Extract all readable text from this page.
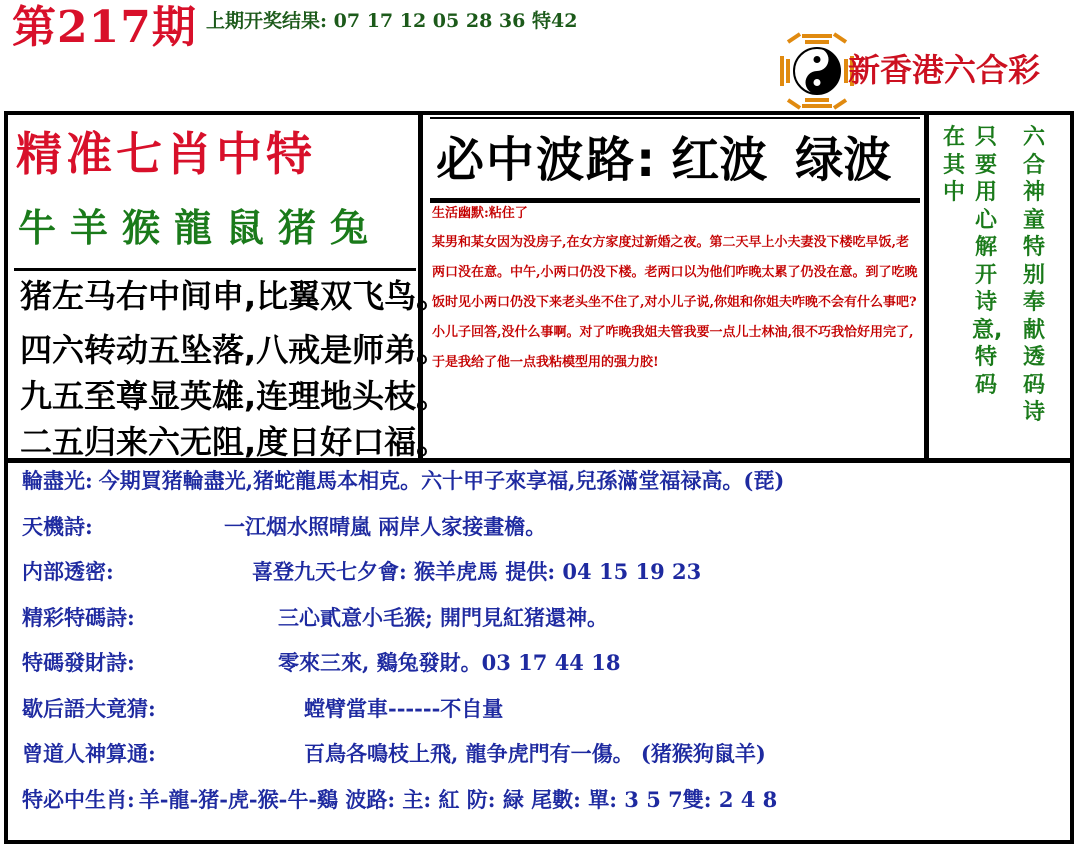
第217期 上期开奖结果: 07 17 12 05 28 36 特42
新香港六合彩
精准七肖中特
牛羊猴龍鼠猪兔
猪左马右中间申,比翼双飞鸟。
四六转动五坠落,八戒是师弟。
九五至尊显英雄,连理地头枝。
二五归来六无阻,度日好口福。
必中波路: 红波 绿波
生活幽默:粘住了
某男和某女因为没房子,在女方家度过新婚之夜。第二天早上小夫妻没下楼吃早饭,老两口没在意。中午,小两口仍没下楼。老两口以为他们咋晚太累了仍没在意。到了吃晚饭时见小两口仍没下来老头坐不住了,对小儿子说,你姐和你姐夫咋晚不会有什么事吧?小儿子回答,没什么事啊。对了咋晚我姐夫管我要一点儿士林油,很不巧我恰好用完了,于是我给了他一点我粘模型用的强力胶!
在其中
只要用心解开诗意,特码
六合神童特别奉献透码诗
輪盡光: 今期買猪輪盡光,猪蛇龍馬本相克。六十甲子來享福,兒孫滿堂福禄高。(琵)
天機詩:	一江烟水照晴嵐 兩岸人家接畫檐。
内部透密:	喜登九天七夕會: 猴羊虎馬 提供: 04 15 19 23
精彩特碼詩:	三心貳意小毛猴; 開門見紅猪還神。
特碼發財詩:	零來三來, 鷄兔發財。03 17 44 18
歇后語大竟猜:	螳臂當車------不自量
曾道人神算通:	百鳥各鳴枝上飛, 龍争虎門有一傷。 (猪猴狗鼠羊)
特必中生肖: 羊-龍-猪-虎-猴-牛-鷄 波路: 主: 紅 防: 緑 尾數: 單: 3 5 7雙: 2 4 8
